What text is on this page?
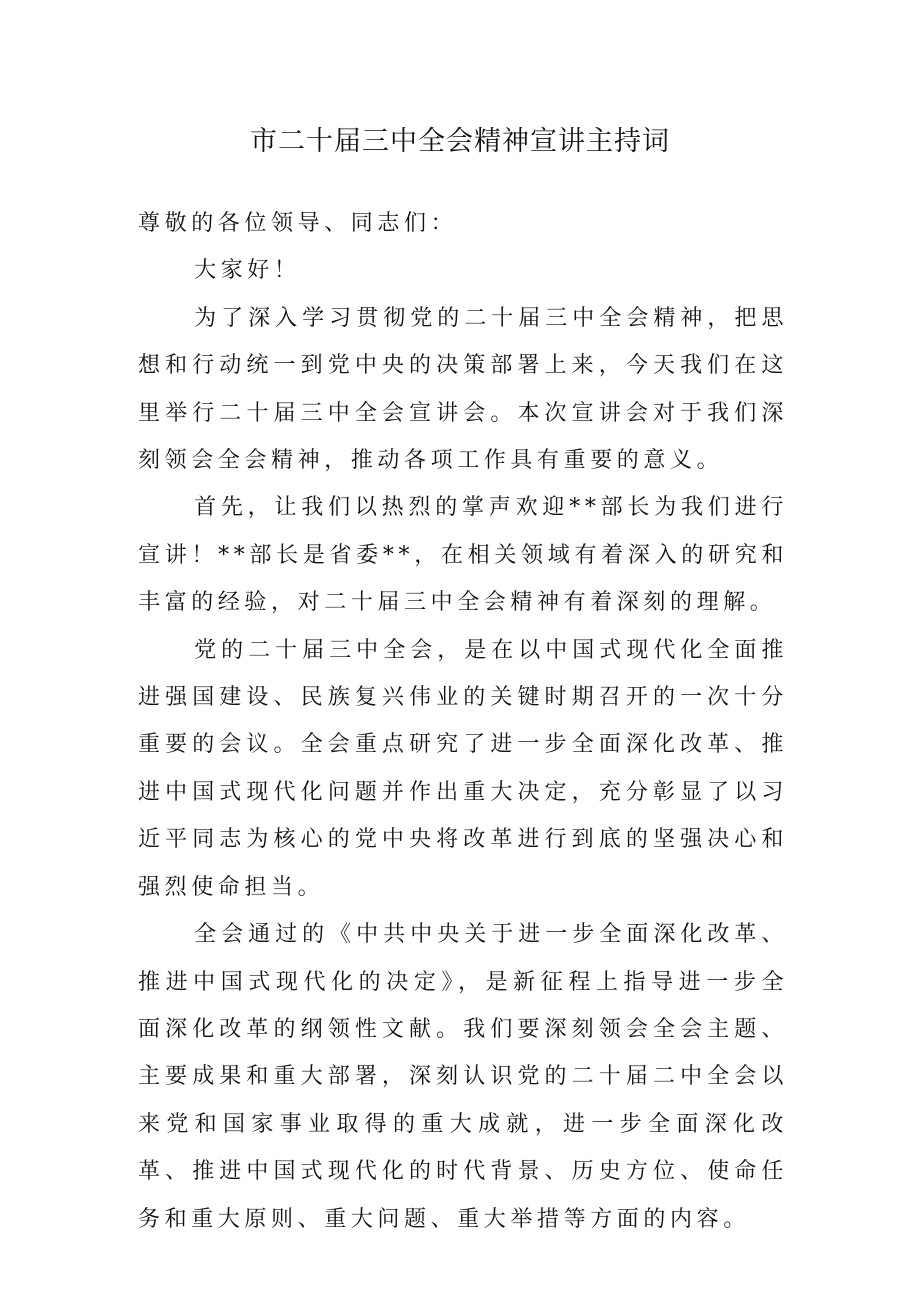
市二十届三中全会精神宣讲主持词

尊敬的各位领导、同志们：

大家好！

为了深入学习贯彻党的二十届三中全会精神，把思想和行动统一到党中央的决策部署上来，今天我们在这里举行二十届三中全会宣讲会。本次宣讲会对于我们深刻领会全会精神，推动各项工作具有重要的意义。

首先，让我们以热烈的掌声欢迎**部长为我们进行宣讲！**部长是省委**，在相关领域有着深入的研究和丰富的经验，对二十届三中全会精神有着深刻的理解。

党的二十届三中全会，是在以中国式现代化全面推进强国建设、民族复兴伟业的关键时期召开的一次十分重要的会议。全会重点研究了进一步全面深化改革、推进中国式现代化问题并作出重大决定，充分彰显了以习近平同志为核心的党中央将改革进行到底的坚强决心和强烈使命担当。

全会通过的《中共中央关于进一步全面深化改革、推进中国式现代化的决定》，是新征程上指导进一步全面深化改革的纲领性文献。我们要深刻领会全会主题、主要成果和重大部署，深刻认识党的二十届二中全会以来党和国家事业取得的重大成就，进一步全面深化改革、推进中国式现代化的时代背景、历史方位、使命任务和重大原则、重大问题、重大举措等方面的内容。
